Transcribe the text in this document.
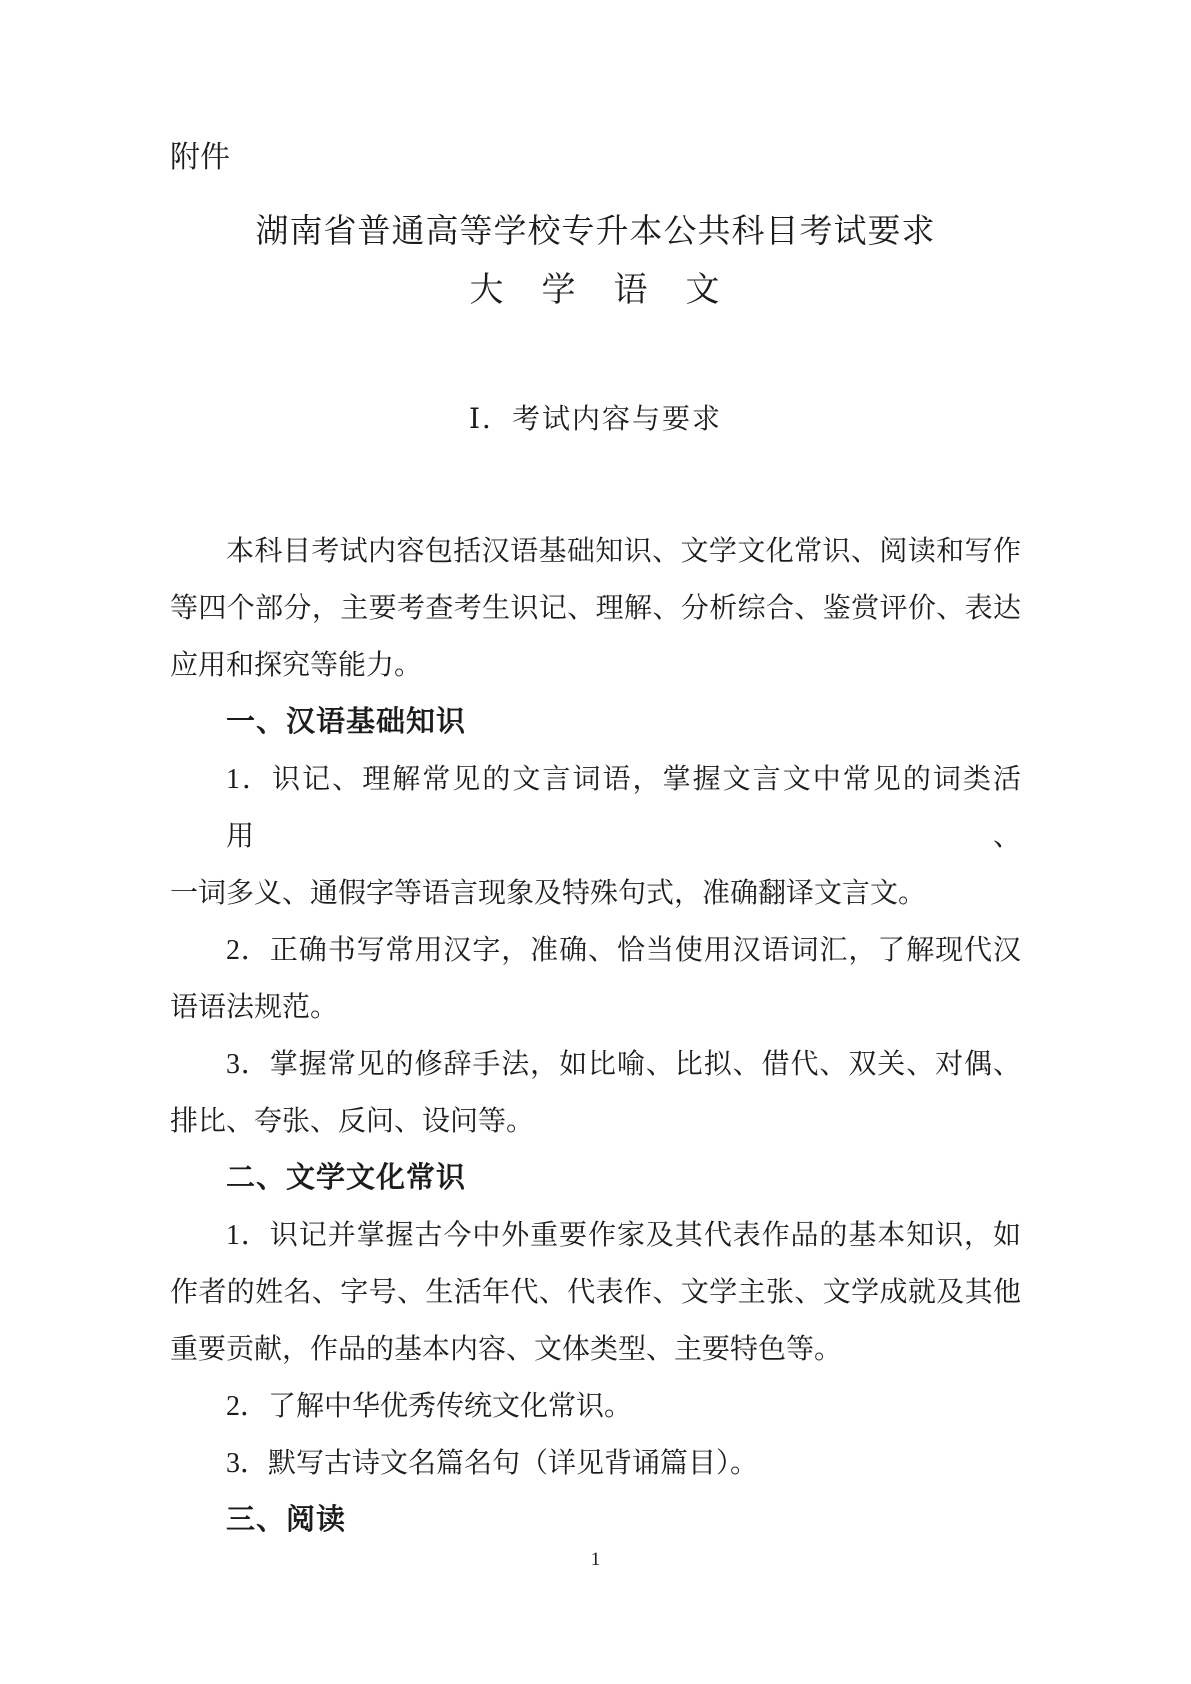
附件
湖南省普通高等学校专升本公共科目考试要求
大　学　语　文
Ⅰ．考试内容与要求
本科目考试内容包括汉语基础知识、文学文化常识、阅读和写作
等四个部分，主要考查考生识记、理解、分析综合、鉴赏评价、表达
应用和探究等能力。
一、汉语基础知识
1．识记、理解常见的文言词语，掌握文言文中常见的词类活用、
一词多义、通假字等语言现象及特殊句式，准确翻译文言文。
2．正确书写常用汉字，准确、恰当使用汉语词汇，了解现代汉
语语法规范。
3．掌握常见的修辞手法，如比喻、比拟、借代、双关、对偶、
排比、夸张、反问、设问等。
二、文学文化常识
1．识记并掌握古今中外重要作家及其代表作品的基本知识，如
作者的姓名、字号、生活年代、代表作、文学主张、文学成就及其他
重要贡献，作品的基本内容、文体类型、主要特色等。
2．了解中华优秀传统文化常识。
3．默写古诗文名篇名句（详见背诵篇目）。
三、阅读
1
